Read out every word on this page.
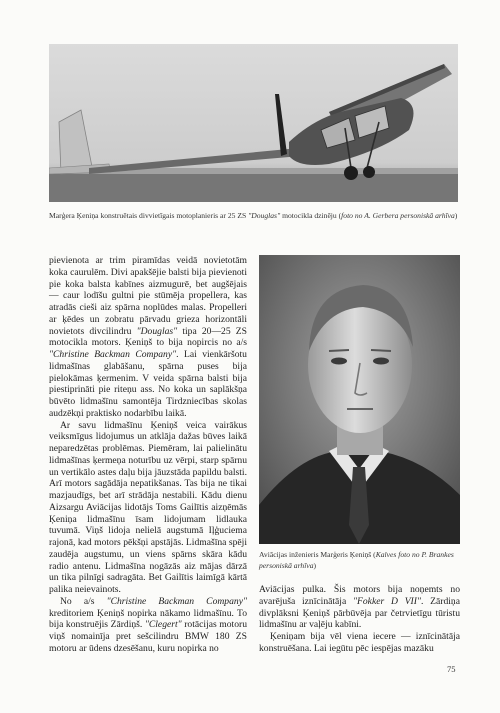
Marģera Ķeniņa konstruētais divvietīgais motoplanieris ar 25 ZS "Douglas" motocikla dzinēju (foto no A. Gerbera personiskā arhīva)

pievienota ar trim piramīdas veidā novietotām koka caurulēm. Divi apakšējie balsti bija pievienoti pie koka balsta kabīnes aizmugurē, bet augšējais — caur lodīšu gultni pie stūmēja propellera, kas atradās cieši aiz spārna noplūdes malas. Propelleri ar ķēdes un zobratu pārvadu grieza horizontāli novietots divcilindru "Douglas" tipa 20—25 ZS motocikla motors. Ķeniņš to bija nopircis no a/s "Christine Backman Company". Lai vienkāršotu lidmašīnas glabāšanu, spārna puses bija pielokāmas ķermenim. V veida spārna balsti bija piestiprināti pie riteņu ass. No koka un saplākšņa būvēto lidmašīnu samontēja Tirdzniecības skolas audzēkņi praktisko nodarbību laikā.

Ar savu lidmašīnu Ķeniņš veica vairākus veiksmīgus lidojumus un atklāja dažas būves laikā neparedzētas problēmas. Piemēram, lai palielinātu lidmašīnas ķermeņa noturību uz vērpi, starp spārnu un vertikālo astes daļu bija jāuzstāda papildu balsti. Arī motors sagādāja nepatikšanas. Tas bija ne tikai mazjaudīgs, bet arī strādāja nestabili. Kādu dienu Aizsargu Aviācijas lidotājs Toms Gailītis aizņēmās Ķeniņa lidmašīnu īsam lidojumam lidlauka tuvumā. Viņš lidoja nelielā augstumā Iļģuciema rajonā, kad motors pēkšņi apstājās. Lidmašīna spēji zaudēja augstumu, un viens spārns skāra kādu radio antenu. Lidmašīna nogāzās aiz mājas dārzā un tika pilnīgi sadragāta. Bet Gailītis laimīgā kārtā palika neievainots.

No a/s "Christine Backman Company" kreditoriem Ķeniņš nopirka nākamo lidmašīnu. To bija konstruējis Zārdiņš. "Clegert" rotācijas motoru viņš nomainīja pret sešcilindru BMW 180 ZS motoru ar ūdens dzesēšanu, kuru nopirka no

Aviācijas inženieris Marģeris Ķeniņš (Kalves foto no P. Brankes personiskā arhīva)

Aviācijas pulka. Šis motors bija noņemts no avarējuša iznīcinātāja "Fokker D VII". Zārdiņa divplāksni Ķeniņš pārbūvēja par četrvietīgu tūristu lidmašīnu ar vaļēju kabīni.

Ķeniņam bija vēl viena iecere — iznīcinātāja konstruēšana. Lai iegūtu pēc iespējas mazāku

75
